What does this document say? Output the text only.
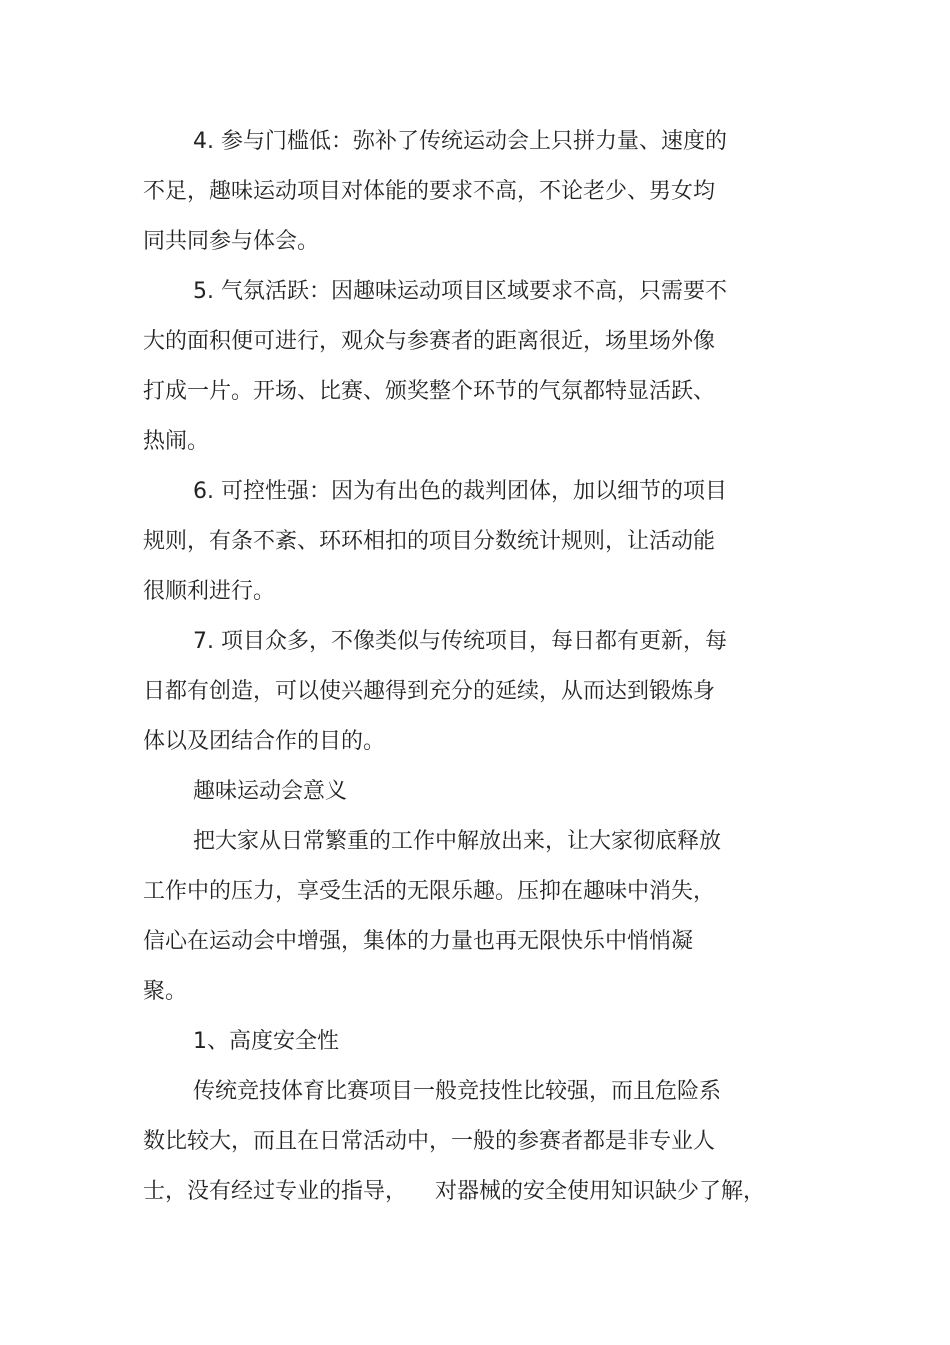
4. 参与门槛低：弥补了传统运动会上只拼力量、速度的
不足，趣味运动项目对体能的要求不高，不论老少、男女均
同共同参与体会。
5. 气氛活跃：因趣味运动项目区域要求不高，只需要不
大的面积便可进行，观众与参赛者的距离很近，场里场外像
打成一片。开场、比赛、颁奖整个环节的气氛都特显活跃、
热闹。
6. 可控性强：因为有出色的裁判团体，加以细节的项目
规则，有条不紊、环环相扣的项目分数统计规则，让活动能
很顺利进行。
7. 项目众多，不像类似与传统项目，每日都有更新，每
日都有创造，可以使兴趣得到充分的延续，从而达到锻炼身
体以及团结合作的目的。
趣味运动会意义
把大家从日常繁重的工作中解放出来，让大家彻底释放
工作中的压力，享受生活的无限乐趣。压抑在趣味中消失，
信心在运动会中增强，集体的力量也再无限快乐中悄悄凝
聚。
1、高度安全性
传统竞技体育比赛项目一般竞技性比较强，而且危险系
数比较大，而且在日常活动中，一般的参赛者都是非专业人
士，没有经过专业的指导，    对器械的安全使用知识缺少了解，
